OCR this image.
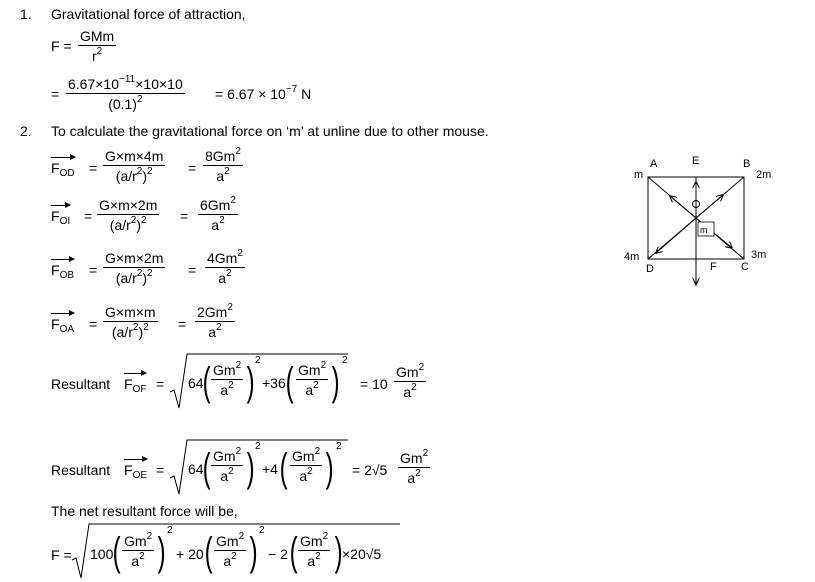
1. Gravitational force of attraction,
F =
GMm
$r^2$
= $\frac{6.67\times 10^{-11}\times 10\times 10}{(0.1)^2} = 6.67 \times 10^{-7}$ N
2. To calculate the gravitational force on ‘m’ at unline due to other mouse.
$F_{OD} = \frac{G\times m\times 4m}{(a/r^2)^2} = \frac{8Gm^2}{a^2}$
$F_{OI} = \frac{G\times m\times 2m}{(a/r^2)^2} = \frac{6Gm^2}{a^2}$
$F_{OB} = \frac{G\times m\times 2m}{(a/r^2)^2} = \frac{4Gm^2}{a^2}$
$F_{OA} = \frac{G\times m\times m}{(a/r^2)^2} = \frac{2Gm^2}{a^2}$
Resultant $F_{OF} = 64$ ( $\frac{Gm^2}{a^2}$ ) 2
+36 ( $\frac{Gm^2}{a^2}$ ) 2
= $10 \frac{Gm^2}{a^2}$
Resultant $F_{OE} = 64$ ( $\frac{Gm^2}{a^2}$ ) 2
+4 ( $\frac{Gm^2}{a^2}$ ) 2
= $2√5 \frac{Gm^2}{a^2}$
The net resultant force will be,
F = 100 ( $\frac{Gm^2}{a^2}$ ) 2
+ 20 ( $\frac{Gm^2}{a^2}$ ) 2
− 2 ( $\frac{Gm^2}{a^2}$ ) ×20√5
A	E	B
m	2m
m
4m	3m
D	F C
